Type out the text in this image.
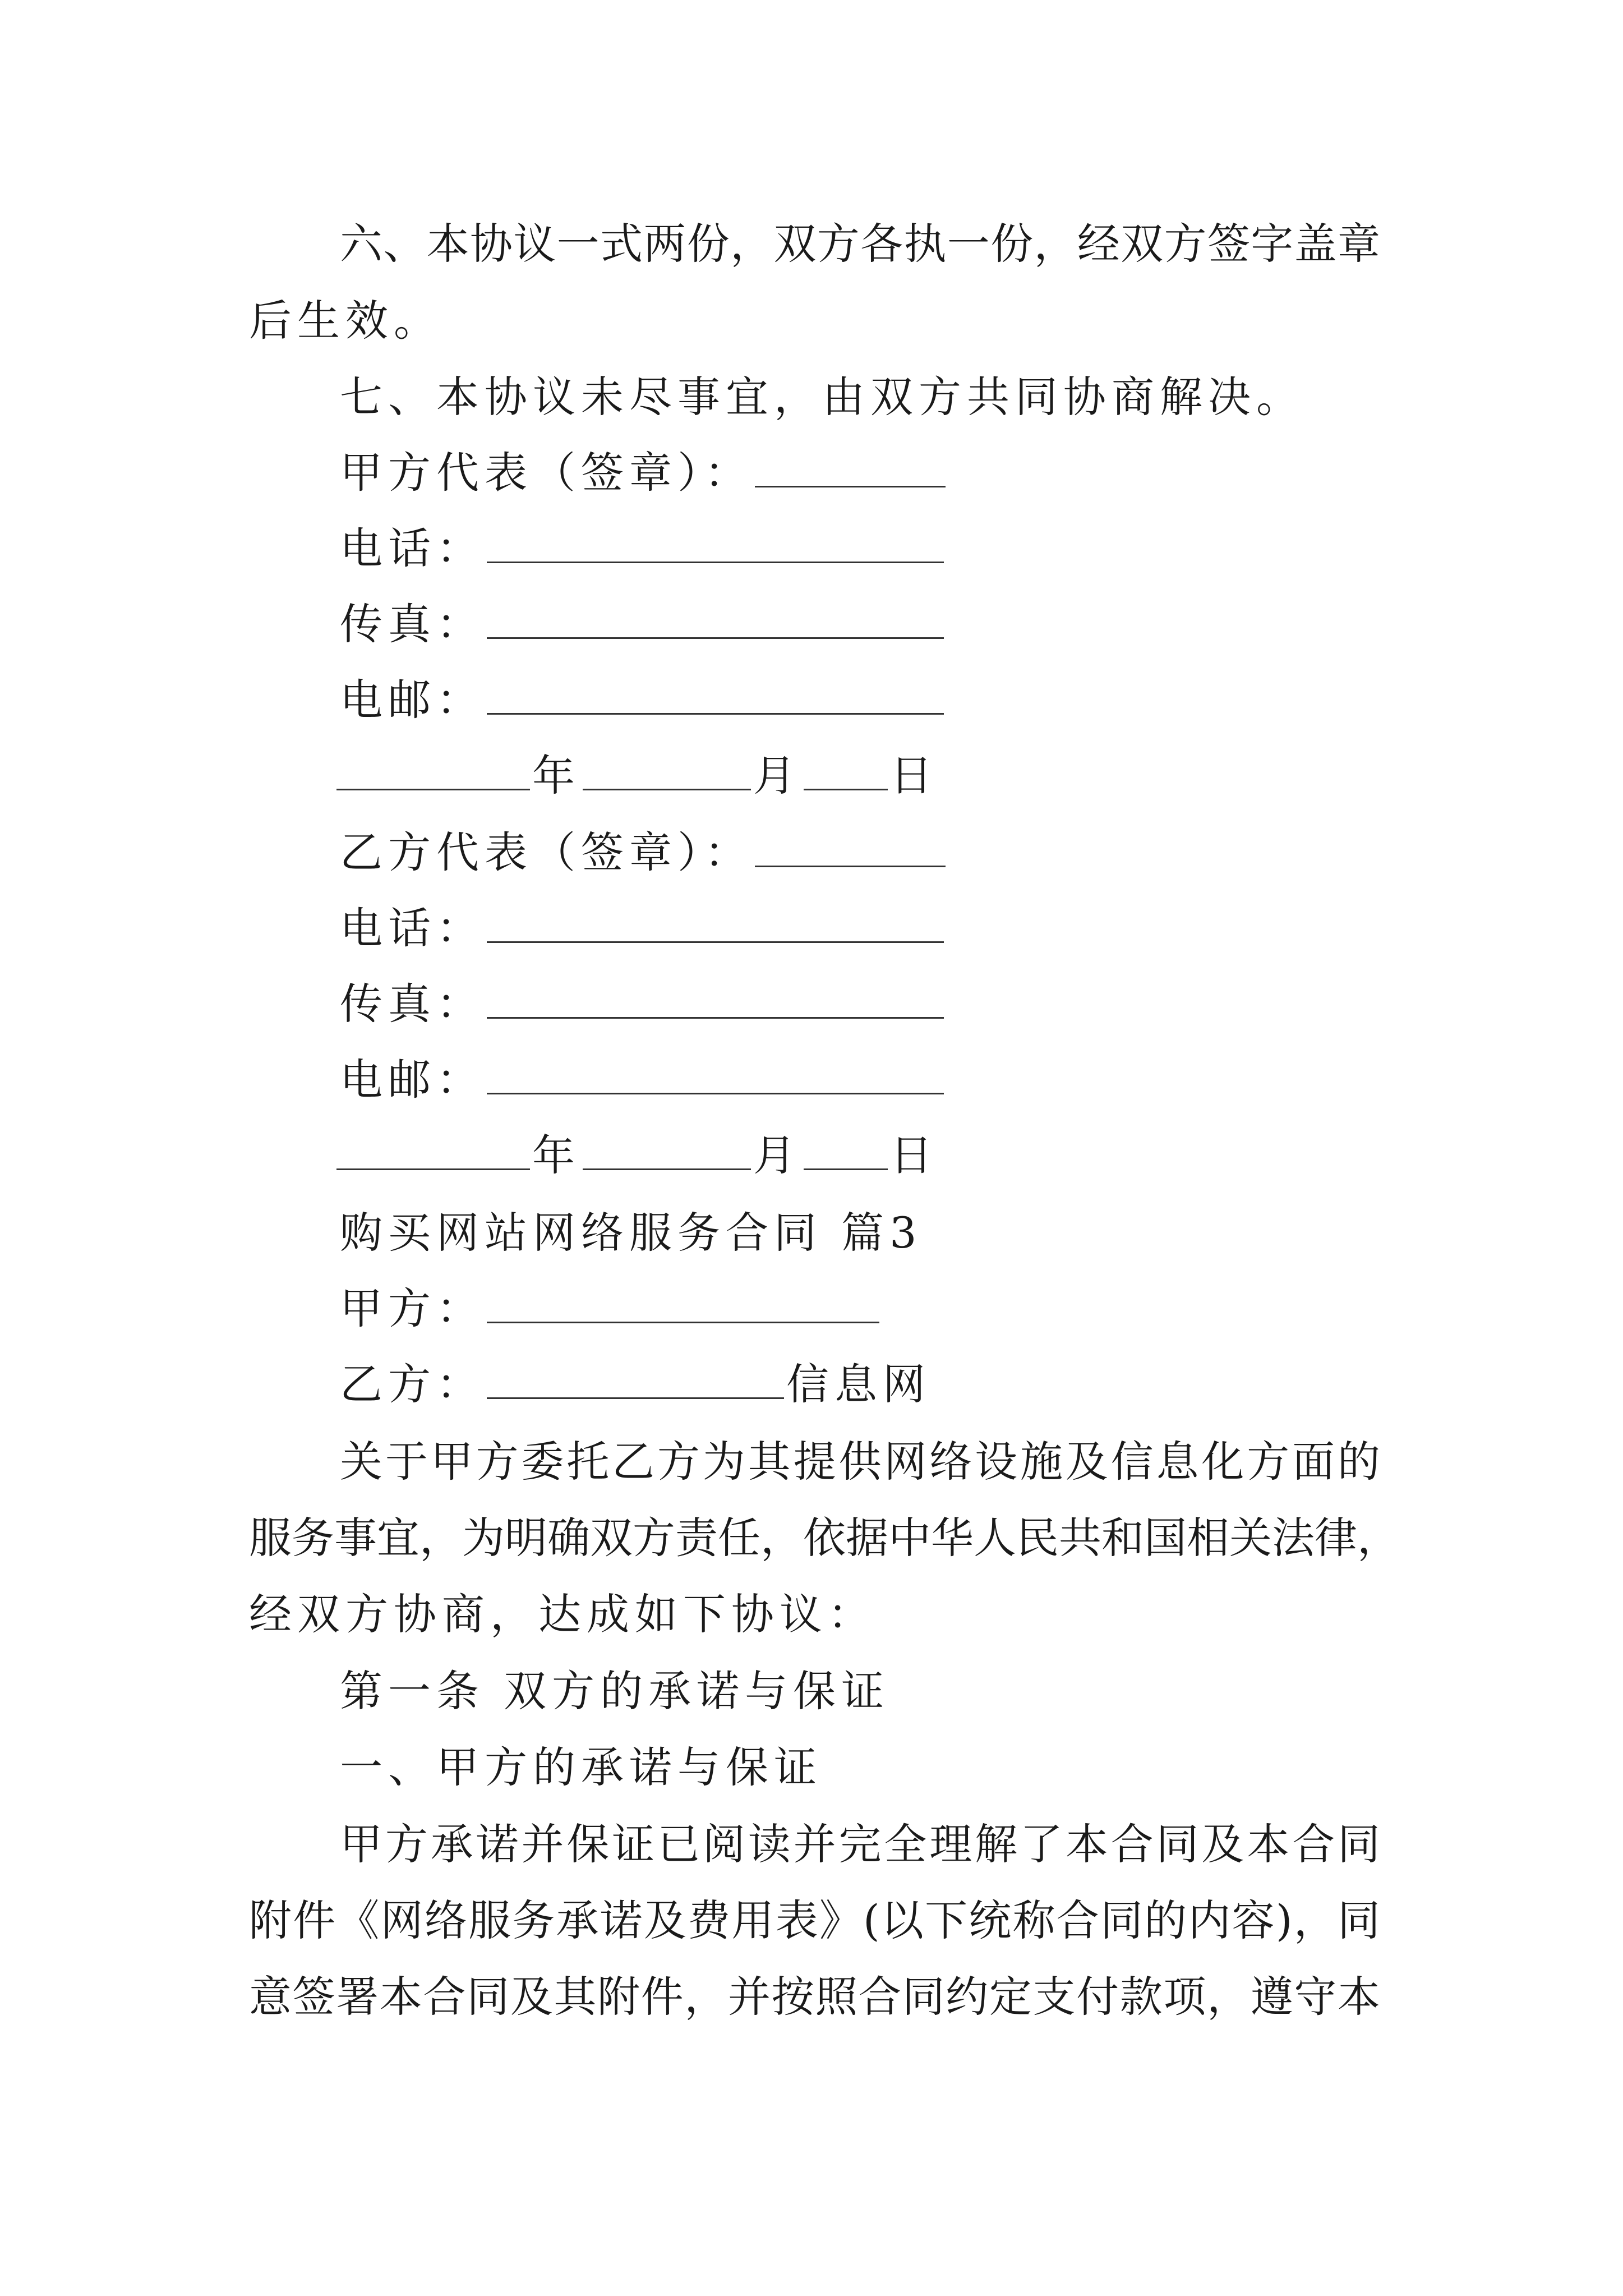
六、本协议一式两份，双方各执一份，经双方签字盖章

后生效。

七、本协议未尽事宜，由双方共同协商解决。

甲方代表（签章）：
电话：
传真：
电邮：
年	月 日
乙方代表（签章）：
电话：
传真：
电邮：
年	月 日

购买网站网络服务合同 篇3

甲方：
乙方：	信息网

关于甲方委托乙方为其提供网络设施及信息化方面的

服务事宜，为明确双方责任，依据中华人民共和国相关法律，

经双方协商，达成如下协议：

第一条 双方的承诺与保证

一、甲方的承诺与保证

甲方承诺并保证已阅读并完全理解了本合同及本合同

附件《网络服务承诺及费用表》(以下统称合同的内容)，同

意签署本合同及其附件，并按照合同约定支付款项，遵守本
